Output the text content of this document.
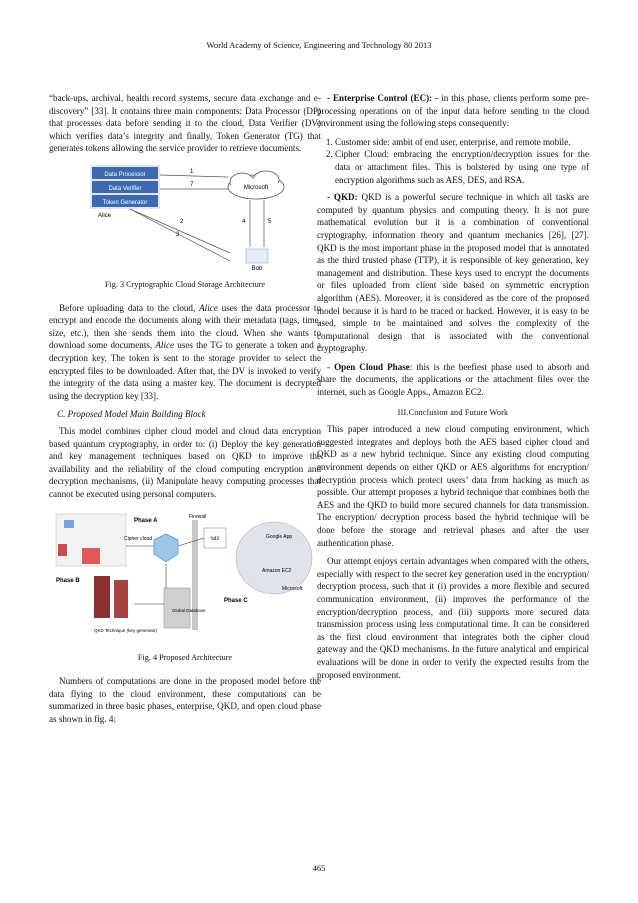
World Academy of Science, Engineering and Technology 80 2013

“back-ups, archival, health record systems, secure data exchange and e-discovery” [33]. It contains three main components: Data Processor (DP) that processes data before sending it to the cloud, Data Verifier (DV) which verifies data’s integrity and finally, Token Generator (TG) that generates tokens allowing the service provider to retrieve documents.

Data Processor
Data Verifier
Token Generator
Alice
Microsoft
1
7
2
3
4	5
Bob
Fig. 3 Cryptographic Cloud Storage Architecture

Before uploading data to the cloud, Alice uses the data processor to encrypt and encode the documents along with their metadata (tags, time, size, etc.), then she sends them into the cloud. When she wants to download some documents, Alice uses the TG to generate a token and a decryption key. The token is sent to the storage provider to select the encrypted files to be downloaded. After that, the DV is invoked to verify the integrity of the data using a master key. The document is decrypted using the decryption key [33].

C. Proposed Model Main Building Block

This model combines cipher cloud model and cloud data encryption based quantum cryptography, in order to: (i) Deploy the key generation and key management techniques based on QKD to improve the availability and the reliability of the cloud computing encryption and decryption mechanisms, (ii) Manipulate heavy computing processes that cannot be executed using personal computers.

Phase A
Cipher cloud
Firewall
%d2	Google App
Amazon EC2
Microsoft
Phase C
Phase B
QKD Technique (key generator)
Global Database
Fig. 4 Proposed Architecture

Numbers of computations are done in the proposed model before the data flying to the cloud environment, these computations can be summarized in three basic phases, enterprise, QKD, and open cloud phase as shown in fig. 4:

- Enterprise Control (EC): - in this phase, clients perform some pre-processing operations on of the input data before sending to the cloud environment using the following steps consequently:

1. Customer side: ambit of end user, enterprise, and remote mobile.
2. Cipher Cloud: embracing the encryption/decryption issues for the data or attachment files. This is bolstered by using one type of encryption algorithms such as AES, DES, and RSA.

- QKD: QKD is a powerful secure technique in which all tasks are computed by quantum physics and computing theory. It is not pure mathematical evolution but it is a combination of conventional cryptography, information theory and quantum mechanics [26], [27]. QKD is the most important phase in the proposed model that is annotated as the third trusted phase (TTP), it is responsible of key generation, key management and distribution. These keys used to encrypt the documents or files uploaded from client side based on symmetric encryption algorithm (AES). Moreover, it is considered as the core of the proposed model because it is hard to be traced or hacked. However, it is easy to be used, simple to be maintained and solves the complexity of the computational design that is associated with the conventional cryptography.

- Open Cloud Phase: this is the beefiest phase used to absorb and share the documents, the applications or the attachment files over the internet, such as Google Apps., Amazon EC2.

III.Conclusion and Future Work

This paper introduced a new cloud computing environment, which suggested integrates and deploys both the AES based cipher cloud and QKD as a new hybrid technique. Since any existing cloud computing environment depends on either QKD or AES algorithms for encryption/ decryption process which protect users’ data from hacking as much as possible. Our attempt proposes a hybrid technique that combines both the AES and the QKD to build more secured channels for data transmission. The encryption/ decryption process based the hybrid technique will be done before the storage and retrieval phases and after the user authentication phase.

Our attempt enjoys certain advantages when compared with the others, especially with respect to the secret key generation used in the encryption/ decryption process, such that it (i) provides a more flexible and secured communication environment, (ii) improves the performance of the encryption/decryption process, and (iii) supports more secured data transmission process using less computational time. It can be considered as the first cloud environment that integrates both the cipher cloud gateway and the QKD mechanisms. In the future analytical and empirical evaluations will be done in order to verify the expected results from the proposed environment.

465
